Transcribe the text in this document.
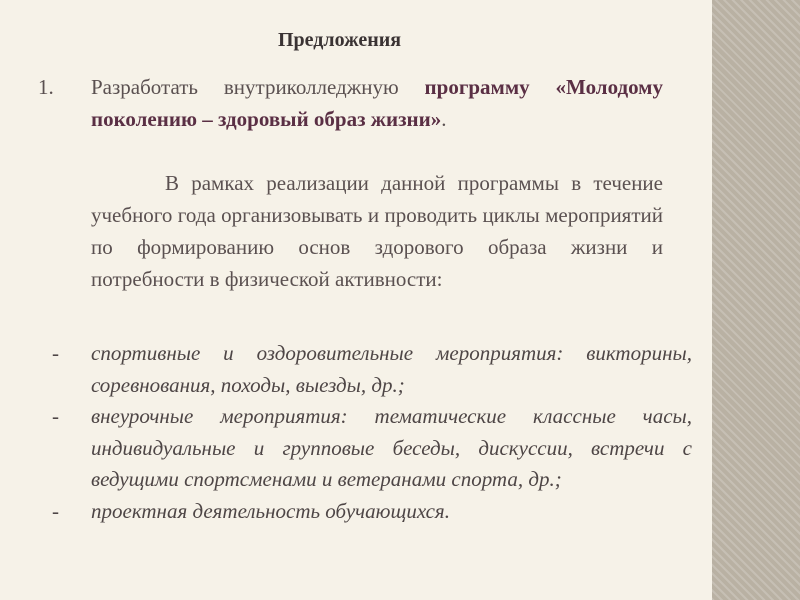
Предложения
1. Разработать внутриколледжную программу «Молодому поколению – здоровый образ жизни».

В рамках реализации данной программы в течение учебного года организовывать и проводить циклы мероприятий по формированию основ здорового образа жизни и потребности в физической активности:

- спортивные и оздоровительные мероприятия: викторины, соревнования, походы, выезды, др.;
- внеурочные мероприятия: тематические классные часы, индивидуальные и групповые беседы, дискуссии, встречи с ведущими спортсменами и ветеранами спорта, др.;
- проектная деятельность обучающихся.
